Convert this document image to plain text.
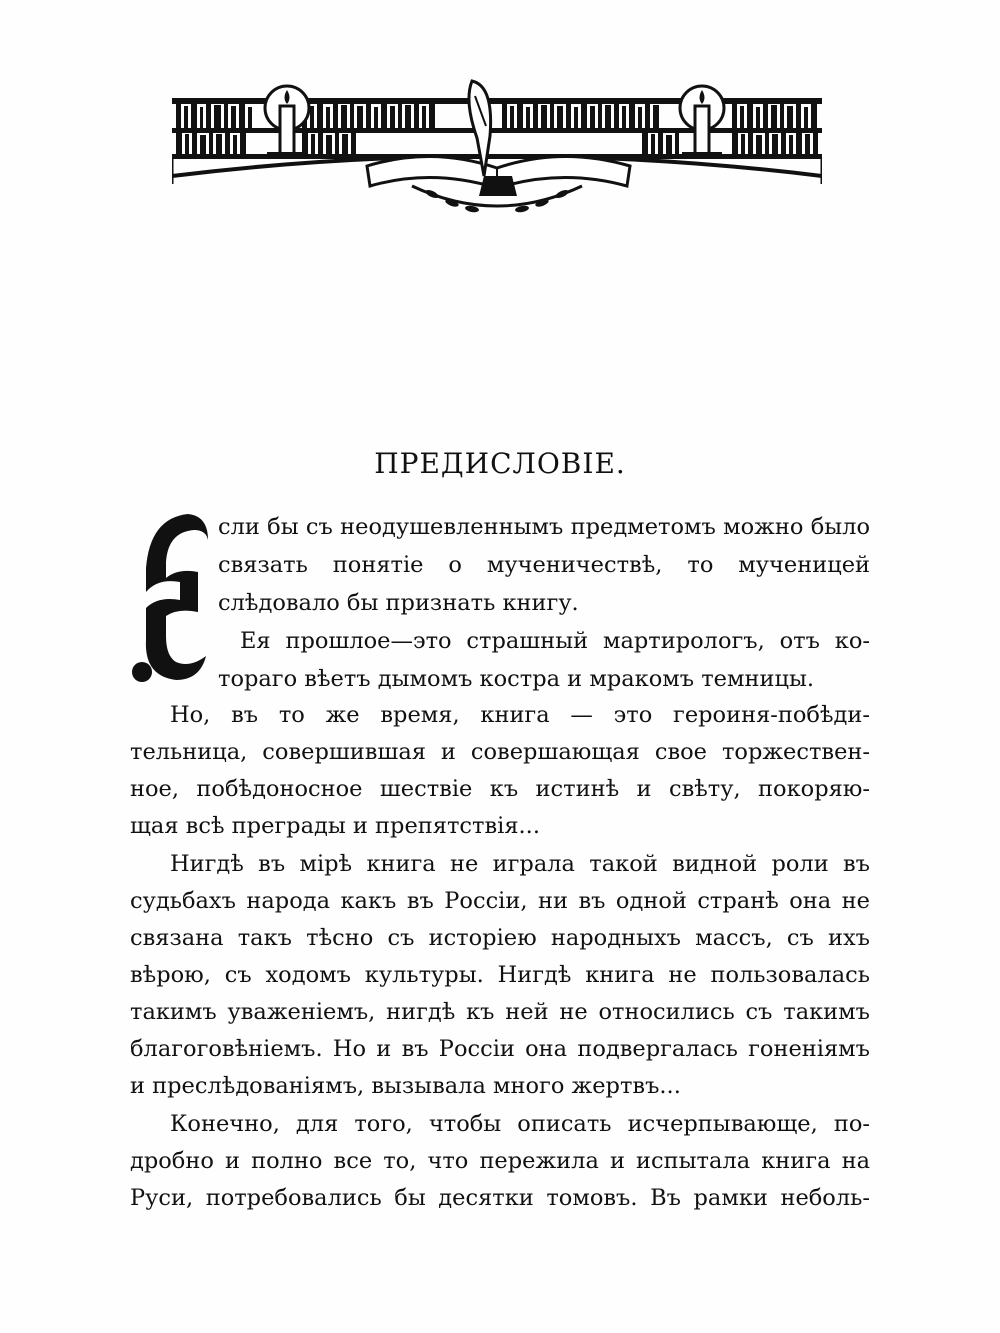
ПРЕДИСЛОВІЕ.
сли бы съ неодушевленнымъ предметомъ можно было
связать понятіе о мученичествѣ, то мученицей
слѣдовало бы признать книгу.
Ея прошлое—это страшный мартирологъ, отъ ко-
тораго вѣетъ дымомъ костра и мракомъ темницы.
Но, въ то же время, книга — это героиня-побѣди-
тельница, совершившая и совершающая свое торжествен-
ное, побѣдоносное шествіе къ истинѣ и свѣту, покоряю-
щая всѣ преграды и препятствія...
Нигдѣ въ мірѣ книга не играла такой видной роли въ
судьбахъ народа какъ въ Россіи, ни въ одной странѣ она не
связана такъ тѣсно съ исторіею народныхъ массъ, съ ихъ
вѣрою, съ ходомъ культуры. Нигдѣ книга не пользовалась
такимъ уваженіемъ, нигдѣ къ ней не относились съ такимъ
благоговѣніемъ. Но и въ Россіи она подвергалась гоненіямъ
и преслѣдованіямъ, вызывала много жертвъ...
Конечно, для того, чтобы описать исчерпывающе, по-
дробно и полно все то, что пережила и испытала книга на
Руси, потребовались бы десятки томовъ. Въ рамки неболь-
